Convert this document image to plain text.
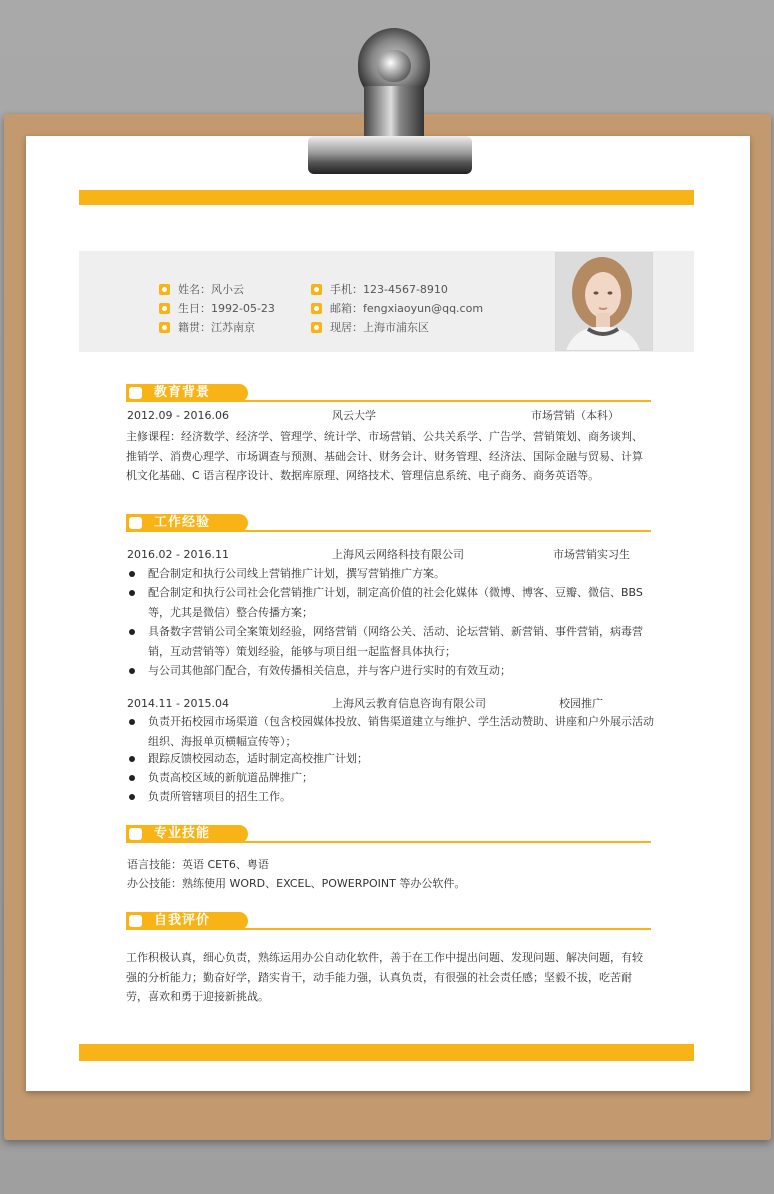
姓名：风小云
生日：1992-05-23
籍贯：江苏南京
手机：123-4567-8910
邮箱：fengxiaoyun@qq.com
现居：上海市浦东区
教育背景
2012.09 - 2016.06	风云大学	市场营销（本科）
主修课程：经济数学、经济学、管理学、统计学、市场营销、公共关系学、广告学、营销策划、商务谈判、推销学、消费心理学、市场调查与预测、基础会计、财务会计、财务管理、经济法、国际金融与贸易、计算机文化基础、C 语言程序设计、数据库原理、网络技术、管理信息系统、电子商务、商务英语等。
工作经验
2016.02 - 2016.11	上海风云网络科技有限公司	市场营销实习生
配合制定和执行公司线上营销推广计划，撰写营销推广方案。
配合制定和执行公司社会化营销推广计划，制定高价值的社会化媒体（微博、博客、豆瓣、微信、BBS等，尤其是微信）整合传播方案；
具备数字营销公司全案策划经验，网络营销（网络公关、活动、论坛营销、新营销、事件营销，病毒营销，互动营销等）策划经验，能够与项目组一起监督具体执行；
与公司其他部门配合，有效传播相关信息，并与客户进行实时的有效互动；
2014.11 - 2015.04	上海风云教育信息咨询有限公司	校园推广
负责开拓校园市场渠道（包含校园媒体投放、销售渠道建立与维护、学生活动赞助、讲座和户外展示活动组织、海报单页横幅宣传等）；
跟踪反馈校园动态，适时制定高校推广计划；
负责高校区域的新航道品牌推广；
负责所管辖项目的招生工作。
专业技能
语言技能：英语 CET6、粤语
办公技能：熟练使用 WORD、EXCEL、POWERPOINT 等办公软件。
自我评价
工作积极认真，细心负责，熟练运用办公自动化软件，善于在工作中提出问题、发现问题、解决问题，有较强的分析能力；勤奋好学，踏实肯干，动手能力强，认真负责，有很强的社会责任感；坚毅不拔，吃苦耐劳，喜欢和勇于迎接新挑战。
